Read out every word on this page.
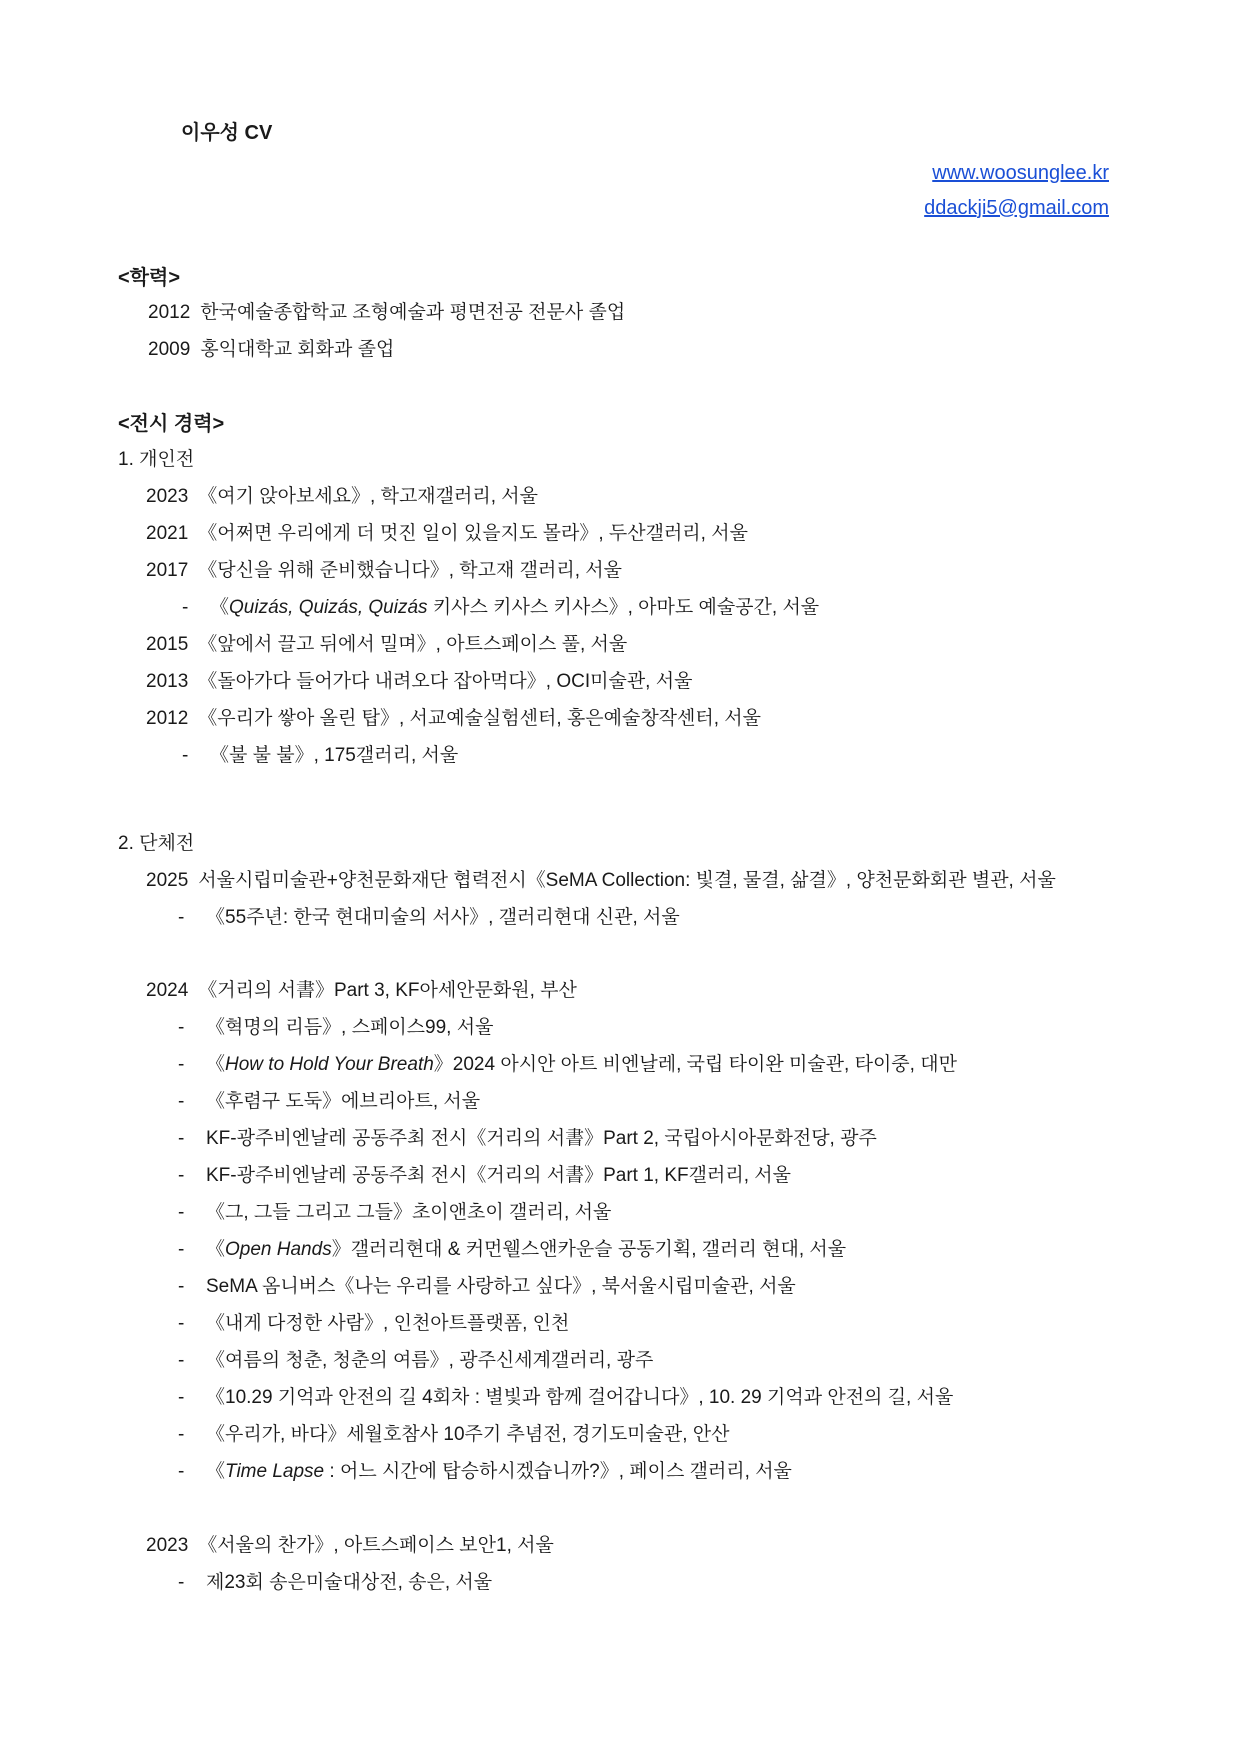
이우성 CV
www.woosunglee.kr
ddackji5@gmail.com
<학력>
2012 한국예술종합학교 조형예술과 평면전공 전문사 졸업
2009 홍익대학교 회화과 졸업
<전시 경력>
1. 개인전
2023 《여기 앉아보세요》, 학고재갤러리, 서울
2021 《어쩌면 우리에게 더 멋진 일이 있을지도 몰라》, 두산갤러리, 서울
2017 《당신을 위해 준비했습니다》, 학고재 갤러리, 서울
- 《Quizás, Quizás, Quizás 키사스 키사스 키사스》, 아마도 예술공간, 서울
2015 《앞에서 끌고 뒤에서 밀며》, 아트스페이스 풀, 서울
2013 《돌아가다 들어가다 내려오다 잡아먹다》, OCI미술관, 서울
2012 《우리가 쌓아 올린 탑》, 서교예술실험센터, 홍은예술창작센터, 서울
- 《불 불 불》, 175갤러리, 서울
2. 단체전
2025 서울시립미술관+양천문화재단 협력전시《SeMA Collection: 빛결, 물결, 삶결》, 양천문화회관 별관, 서울
- 《55주년: 한국 현대미술의 서사》, 갤러리현대 신관, 서울
2024 《거리의 서書》Part 3, KF아세안문화원, 부산
- 《혁명의 리듬》, 스페이스99, 서울
- 《How to Hold Your Breath》2024 아시안 아트 비엔날레, 국립 타이완 미술관, 타이중, 대만
- 《후렴구 도둑》에브리아트, 서울
- KF-광주비엔날레 공동주최 전시《거리의 서書》Part 2, 국립아시아문화전당, 광주
- KF-광주비엔날레 공동주최 전시《거리의 서書》Part 1, KF갤러리, 서울
- 《그, 그들 그리고 그들》초이앤초이 갤러리, 서울
- 《Open Hands》갤러리현대 & 커먼웰스앤카운슬 공동기획, 갤러리 현대, 서울
- SeMA 옴니버스《나는 우리를 사랑하고 싶다》, 북서울시립미술관, 서울
- 《내게 다정한 사람》, 인천아트플랫폼, 인천
- 《여름의 청춘, 청춘의 여름》, 광주신세계갤러리, 광주
- 《10.29 기억과 안전의 길 4회차 : 별빛과 함께 걸어갑니다》, 10. 29 기억과 안전의 길, 서울
- 《우리가, 바다》세월호참사 10주기 추념전, 경기도미술관, 안산
- 《Time Lapse : 어느 시간에 탑승하시겠습니까?》, 페이스 갤러리, 서울
2023 《서울의 찬가》, 아트스페이스 보안1, 서울
- 제23회 송은미술대상전, 송은, 서울
